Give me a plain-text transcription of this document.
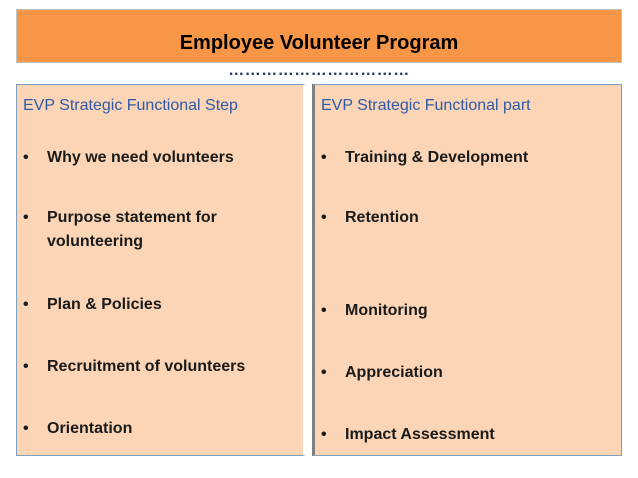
Employee Volunteer Program
……………………………
EVP Strategic Functional Step
•	Why we need volunteers
•	Purpose statement for
volunteering
•	Plan & Policies
•	Recruitment of volunteers
•	Orientation
EVP Strategic Functional part
•	Training & Development
•	Retention
•	Monitoring
•	Appreciation
•	Impact Assessment
